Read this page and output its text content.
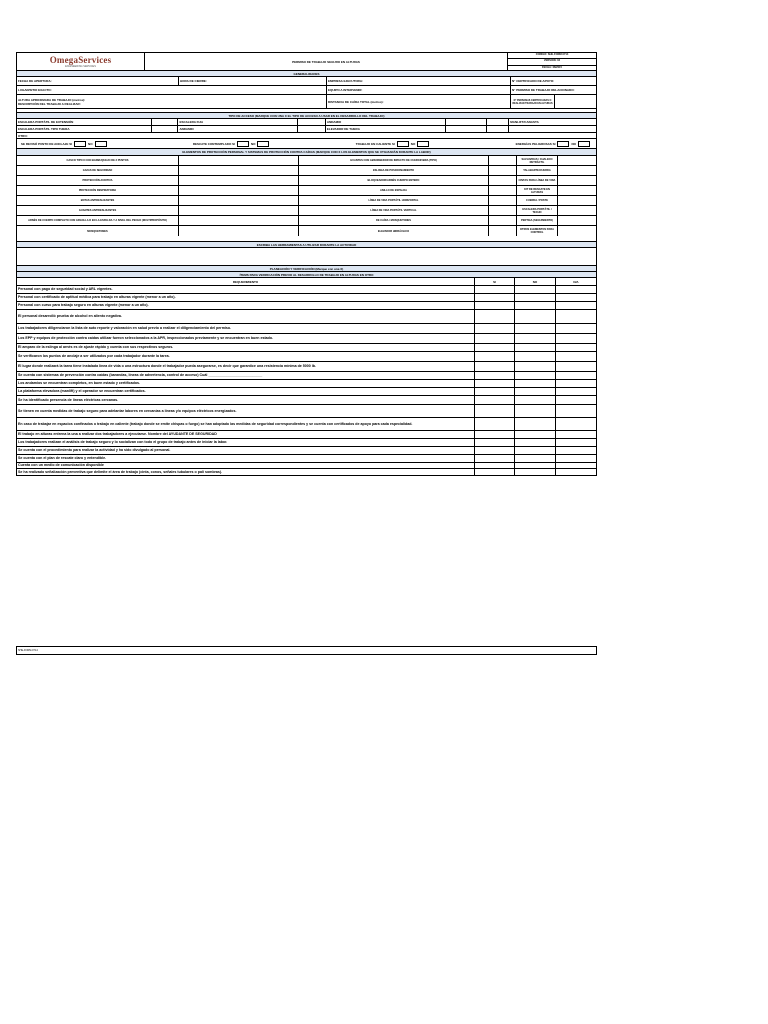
OmegaServices
ENGINEERING SERVICES
PERMISO DE TRABAJO SEGURO EN ALTURAS
CÓDIGO: SHE-FORM-0714
VERSIÓN: 02
FECHA: 08/2015
GENERALIDADES
FECHA DE APERTURA:	HORA DE CIERRE:	EMPRESA EJECUTORA:	N° CERTIFICADO DE APOYO:
LUGAR/SITIO EXACTO:	EQUIPO A INTERVENIR:	N° PERMISO DE TRABAJO RELACIONADO:
ALTURA APROXIMADA DE TRABAJO (metros):
DESCRIPCIÓN DEL TRABAJO A REALIZAR:	DISTANCIA DE CAÍDA TOTAL (metros):	N° PERSONAS CERTIFICADAS O REALIZAN TRABAJO EN ALTURAS
TIPO DE ACCESO (MARQUE CON UNA X EL TIPO DE ACCESO A USAR EN EL DESARROLLO DEL TRABAJO)
ESCALERA PORTÁTIL DE EXTENSIÓN	ESCALERA FIJA	ANDAMIO	MANLIFT/CANASTA
ESCALERA PORTÁTIL TIPO TIJERA	ANDAMIO	ELEVADOR DE TIJERA
OTRO:
SE REVISÓ PUNTO DE ANCLAJE SI	NO	RESCATE CONTEMPLADO SI	NO	TRABAJO EN CALIENTE SI	NO	ENERGÍAS PELIGROSAS SI	NO
ELEMENTOS DE PROTECCIÓN PERSONAL Y SISTEMAS DE PROTECCIÓN CONTRA CAÍDAS (MARQUE CON X LOS ELEMENTOS QUE SE UTILIZARÁN DURANTE LA LABOR)
CASCO TIPO II CON BARBUQUEJO DE 3 PUNTOS	GUANTES CON ABSORBEDOR DE IMPACTO DE CUERO/FIBRA (TIPO)	SALVAVIDAS / CHALECO RETRÁCTIL
GAFAS DE SEGURIDAD	ESLINGA DE POSICIONAMIENTO	TALABARTE/CUERDA
PROTECCIÓN AUDITIVA	BLOQUEADOR/ARNÉS CUERPO ENTERO	CINTAS PARA LÍNEA DE VIDA
PROTECCIÓN RESPIRATORIA	ANILLO DE ESPALDA	KIT DE RESCATE EN ALTURAS
BOTAS ANTIDESLIZANTES	LÍNEA DE VIDA PORTÁTIL HORIZONTAL	CUERDA / POSTE
GUANTES ANTIDESLIZANTES	LÍNEA DE VIDA PORTÁTIL VERTICAL	ESCALERA PORTÁTIL / TECHO
ARNÉS DE CUERPO COMPLETO CON ARGOLLA D EN LA ESPALDA Y A NIVEL DEL PECHO (MULTIPROPÓSITO)	DE CAÍDA / MOSQUETONES	PERTIGA (SEGUIMIENTO)
MOSQUETONES	ELEVADOR HIDRÁULICO	OTROS ELEMENTOS PARA CONTROL
ESCRIBA LAS HERRAMIENTAS A UTILIZAR DURANTE LA ACTIVIDAD
PLANEACIÓN Y VERIFICACIÓN (Marque con una X)
ÍTEMS PARA VERIFICACIÓN PREVIO AL DESARROLLO DE TRABAJO EN ALTURAS EN OTRO
REQUERIMIENTO	SI	NO	N/A
Personal con pago de seguridad social y ARL vigentes.
Personal con certificado de aptitud médica para trabajo en alturas vigente (menor a un año).
Personal con curso para trabajo seguro en alturas vigente (menor a un año).
El personal desarrolló prueba de alcohol en aliento negativa.
Los trabajadores diligenciaron la lista de auto reporte y valoración en salud previo a realizar el diligenciamiento del permiso.
Los EPP y equipos de protección contra caídas utilizar fueron seleccionados a la APR, inspeccionados previamente y se encuentran en buen estado.
El amparo de la eslinga al arnés es de ajuste rápido y cuenta con sus respectivos seguros.
Se verificaron los puntos de anclaje a ser utilizados por cada trabajador durante la tarea.
El lugar donde realizará la tarea tiene instalada línea de vida o una estructura donde el trabajador pueda asegurarse, es decir que garantice una resistencia mínima de 5000 lb.
Se cuenta con sistemas de prevención contra caídas (barandas, líneas de advertencia, control de acceso) Cuál ___________________________
Los andamios se encuentran completos, en buen estado y certificados.
La plataforma elevadora (manlift) y el operador se encuentran certificados.
Se ha identificado presencia de líneas eléctricas cercanas.
Se tienen en cuenta medidas de trabajo seguro para adelantar labores en cercanías a líneas y/o equipos eléctricos energizados.
En caso de trabajar en espacios confinados o trabajo en caliente (trabajo donde se emite chispas o fuego) se han adoptado las medidas de seguridad correspondientes y se cuenta con certificados de apoyo para cada especialidad.
El trabajo en alturas entrena la una a realizar dos trabajadores a ejecutarse. Nombre del AYUDANTE DE SEGURIDAD
Los trabajadores realizan el análisis de trabajo seguro y lo socializan con todo el grupo de trabajo antes de iniciar la labor.
Se cuenta con el procedimiento para realizar la actividad y ha sido divulgado al personal.
Se cuenta con el plan de rescate claro y entendible.
Cuenta con un medio de comunicación disponible
Se ha realizado señalización preventiva que delimite el área de trabajo (cinta, conos, señales tubulares o pali sombras).
SHE-FORM-0714
